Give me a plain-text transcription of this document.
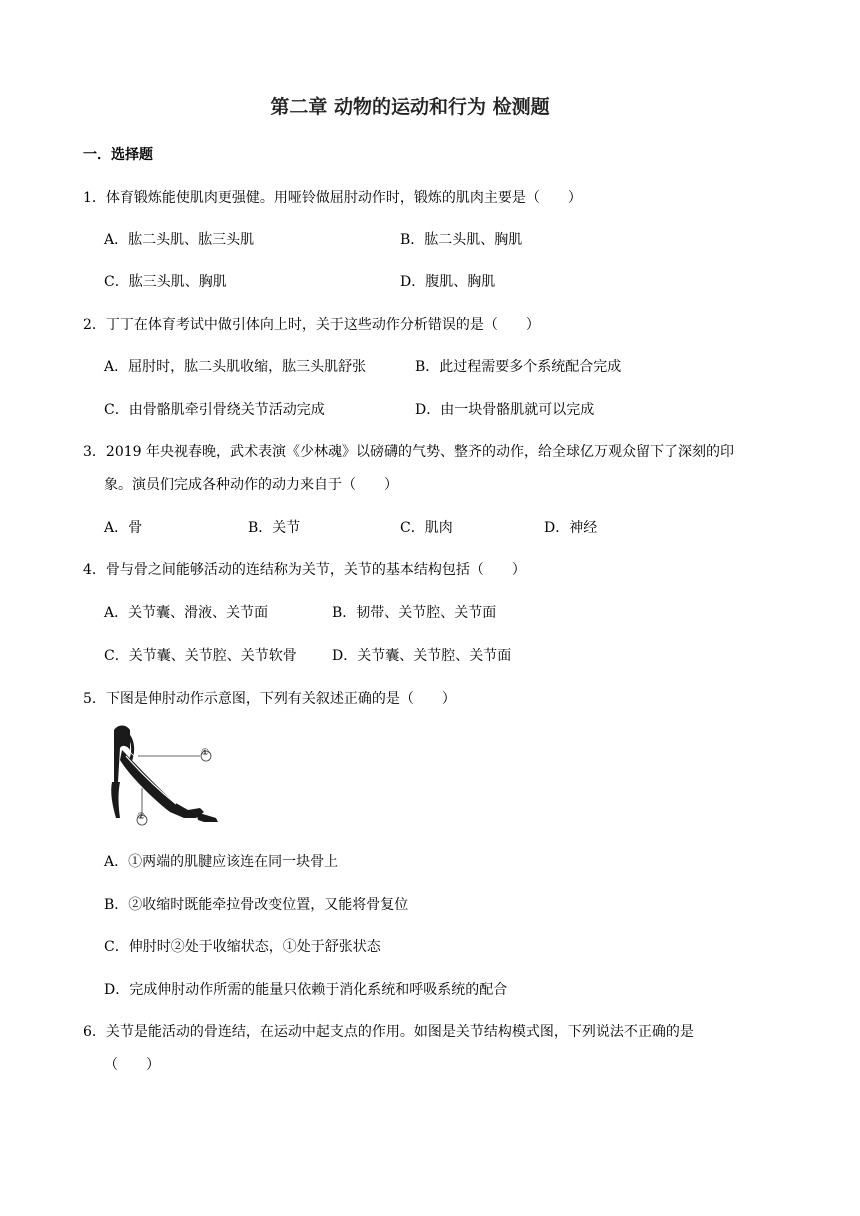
第二章 动物的运动和行为 检测题
一．选择题
1．体育锻炼能使肌肉更强健。用哑铃做屈肘动作时，锻炼的肌肉主要是（　　）
A．肱二头肌、肱三头肌	B．肱二头肌、胸肌
C．肱三头肌、胸肌	D．腹肌、胸肌
2．丁丁在体育考试中做引体向上时，关于这些动作分析错误的是（　　）
A．屈肘时，肱二头肌收缩，肱三头肌舒张	B．此过程需要多个系统配合完成
C．由骨骼肌牵引骨绕关节活动完成	D．由一块骨骼肌就可以完成
3．2019 年央视春晚，武术表演《少林魂》以磅礴的气势、整齐的动作，给全球亿万观众留下了深刻的印
象。演员们完成各种动作的动力来自于（　　）
A．骨	B．关节	C．肌肉	D．神经
4．骨与骨之间能够活动的连结称为关节，关节的基本结构包括（　　）
A．关节囊、滑液、关节面	B．韧带、关节腔、关节面
C．关节囊、关节腔、关节软骨	D．关节囊、关节腔、关节面
5．下图是伸肘动作示意图，下列有关叙述正确的是（　　）
①
②
A．①两端的肌腱应该连在同一块骨上
B．②收缩时既能牵拉骨改变位置，又能将骨复位
C．伸肘时②处于收缩状态，①处于舒张状态
D．完成伸肘动作所需的能量只依赖于消化系统和呼吸系统的配合
6．关节是能活动的骨连结，在运动中起支点的作用。如图是关节结构模式图，下列说法不正确的是
（　　）
